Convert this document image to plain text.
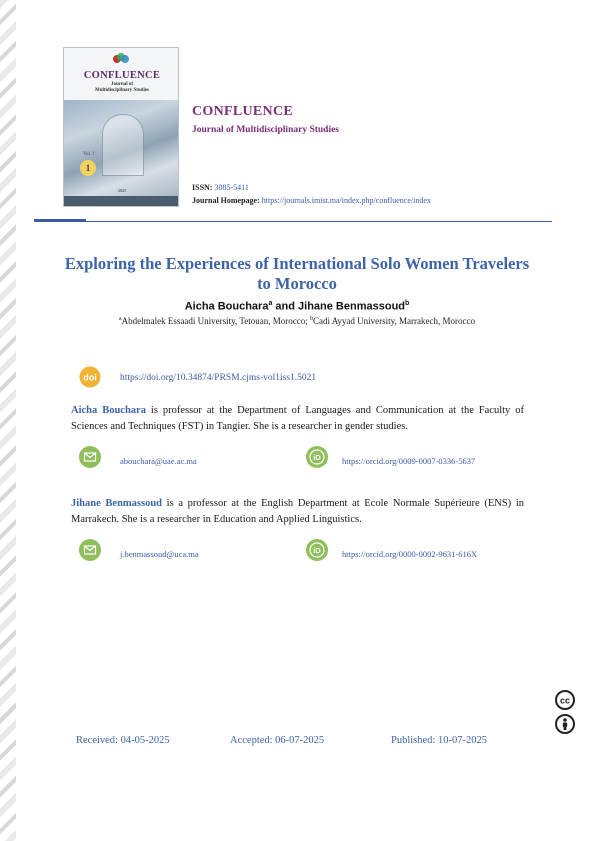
CONFLUENCE
Journal of
Multidisciplinary Studies
Vol. 1
1
2025
CONFLUENCE
Journal of Multidisciplinary Studies
ISSN: 3085-5411
Journal Homepage: https://journals.imist.ma/index.php/confluence/index
Exploring the Experiences of International Solo Women Travelers to Morocco
Aicha Bouchara$^a$ and Jihane Benmassoud$^b$
$^a$Abdelmalek Essaadi University, Tetouan, Morocco; $^b$Cadi Ayyad University, Marrakech, Morocco
doi https://doi.org/10.34874/PRSM.cjms-vol1iss1.5021
Aicha Bouchara is professor at the Department of Languages and Communication at the Faculty of Sciences and Techniques (FST) in Tangier. She is a researcher in gender studies.
abouchara@uae.ac.ma	iD	https://orcid.org/0009-0007-0336-5637
Jihane Benmassoud is a professor at the English Department at Ecole Normale Supérieure (ENS) in Marrakech. She is a researcher in Education and Applied Linguistics.
j.benmassoud@uca.ma	iD	https://orcid.org/0000-0002-9631-616X
cc
Received: 04-05-2025	Accepted: 06-07-2025	Published: 10-07-2025
